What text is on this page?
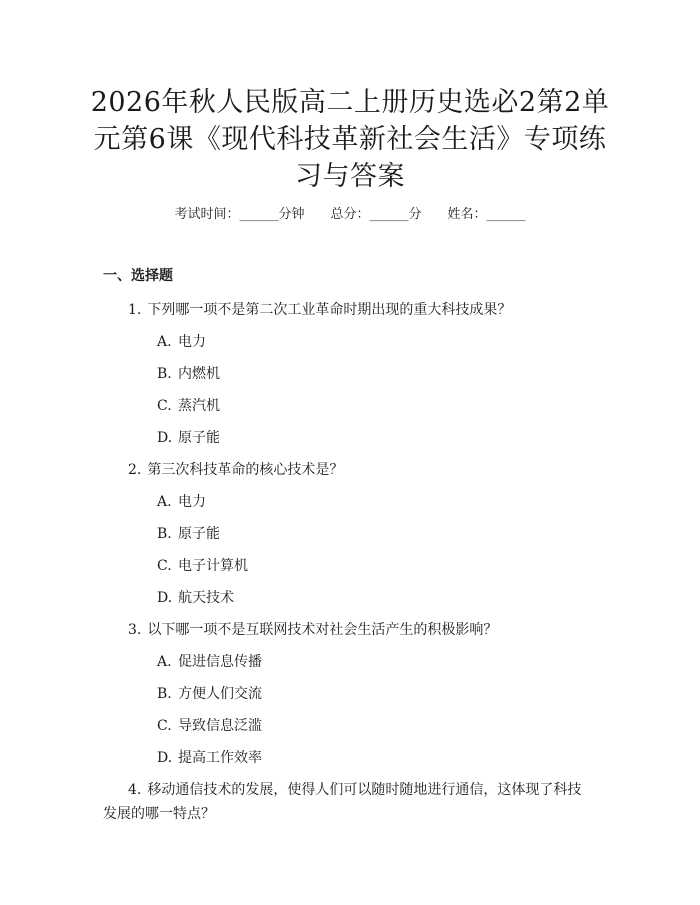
2026年秋人民版高二上册历史选必2第2单元第6课《现代科技革新社会生活》专项练习与答案
考试时间：______分钟 总分：______分 姓名：______
一、选择题
1. 下列哪一项不是第二次工业革命时期出现的重大科技成果？
A. 电力
B. 内燃机
C. 蒸汽机
D. 原子能
2. 第三次科技革命的核心技术是？
A. 电力
B. 原子能
C. 电子计算机
D. 航天技术
3. 以下哪一项不是互联网技术对社会生活产生的积极影响？
A. 促进信息传播
B. 方便人们交流
C. 导致信息泛滥
D. 提高工作效率
4. 移动通信技术的发展，使得人们可以随时随地进行通信，这体现了科技发展的哪一特点？
